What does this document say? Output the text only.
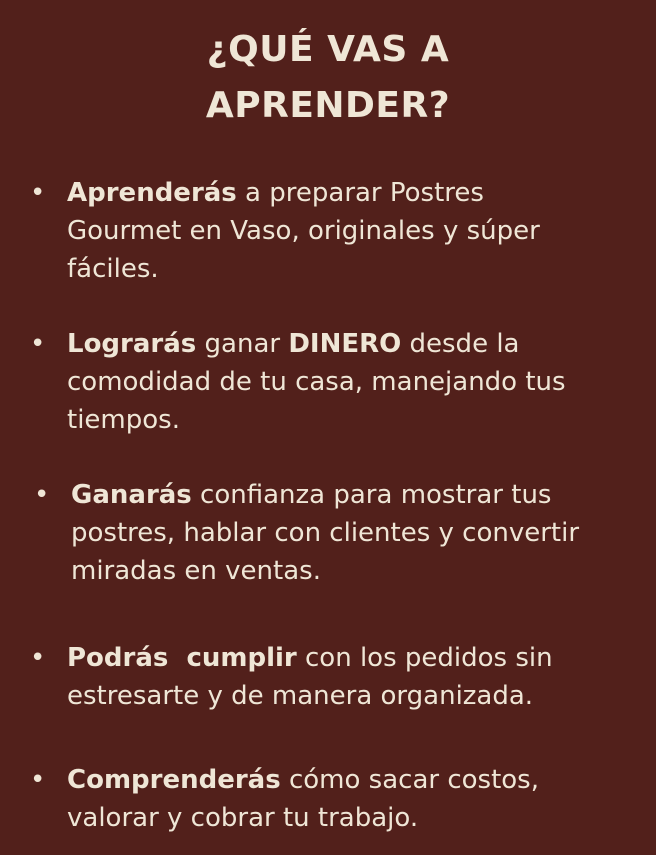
¿QUÉ VAS A
APRENDER?
• Aprenderás a preparar Postres
Gourmet en Vaso, originales y súper
fáciles.
• Lograrás ganar DINERO desde la
comodidad de tu casa, manejando tus
tiempos.
• Ganarás confianza para mostrar tus
postres, hablar con clientes y convertir
miradas en ventas.
• Podrás  cumplir con los pedidos sin
estresarte y de manera organizada.
• Comprenderás cómo sacar costos,
valorar y cobrar tu trabajo.
